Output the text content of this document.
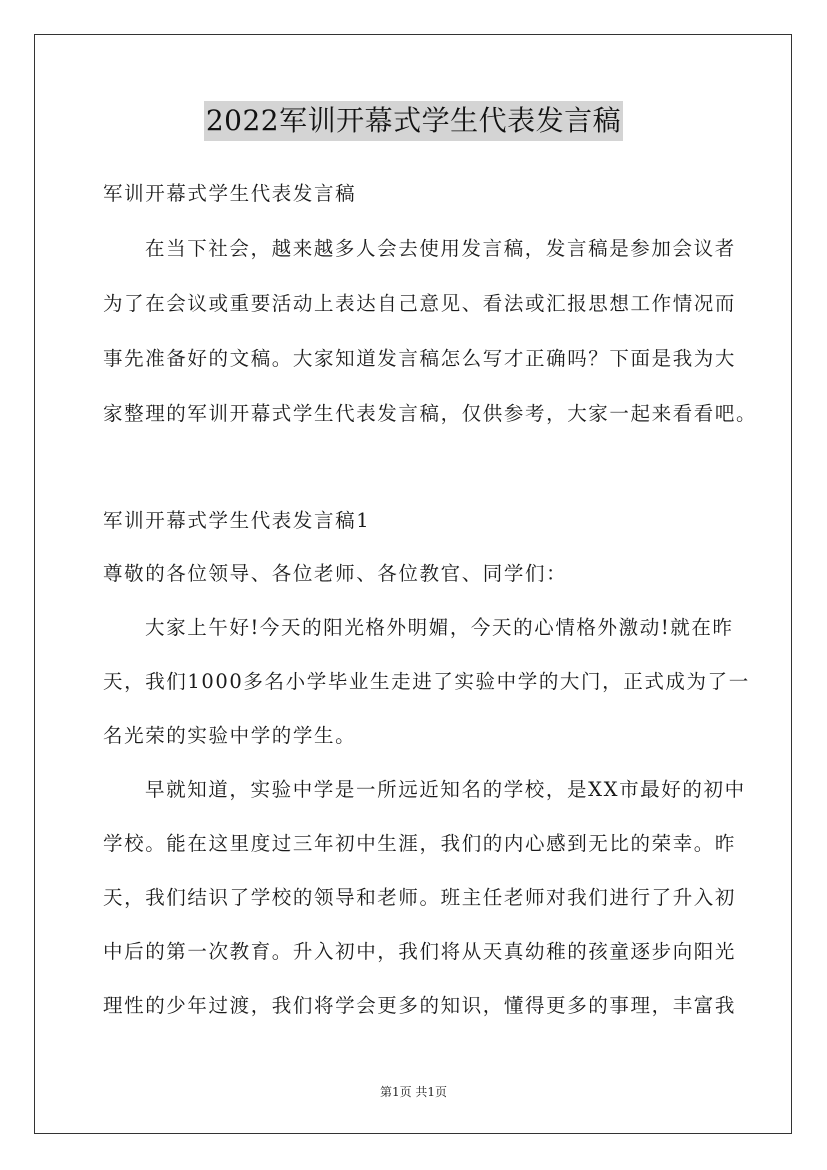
2022军训开幕式学生代表发言稿
军训开幕式学生代表发言稿
在当下社会，越来越多人会去使用发言稿，发言稿是参加会议者
为了在会议或重要活动上表达自己意见、看法或汇报思想工作情况而
事先准备好的文稿。大家知道发言稿怎么写才正确吗？下面是我为大
家整理的军训开幕式学生代表发言稿，仅供参考，大家一起来看看吧。
军训开幕式学生代表发言稿1
尊敬的各位领导、各位老师、各位教官、同学们：
大家上午好!今天的阳光格外明媚，今天的心情格外激动!就在昨
天，我们1000多名小学毕业生走进了实验中学的大门，正式成为了一
名光荣的实验中学的学生。
早就知道，实验中学是一所远近知名的学校，是XX市最好的初中
学校。能在这里度过三年初中生涯，我们的内心感到无比的荣幸。昨
天，我们结识了学校的领导和老师。班主任老师对我们进行了升入初
中后的第一次教育。升入初中，我们将从天真幼稚的孩童逐步向阳光
理性的少年过渡，我们将学会更多的知识，懂得更多的事理，丰富我
第1页 共1页
